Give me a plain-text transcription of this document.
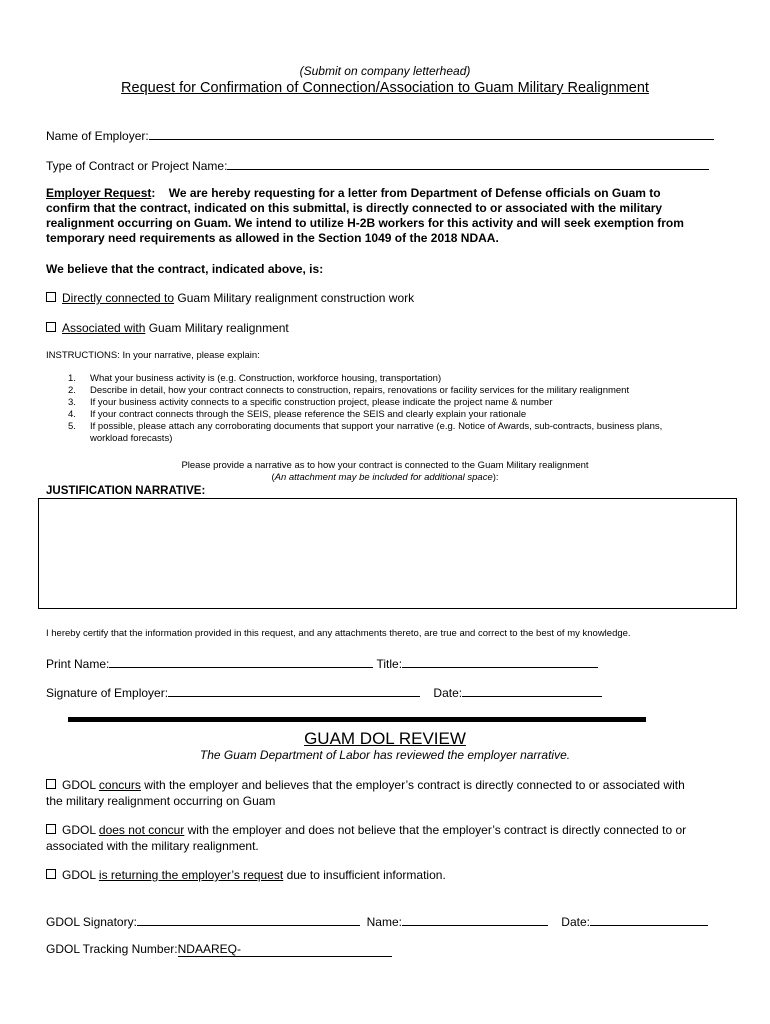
(Submit on company letterhead)
Request for Confirmation of Connection/Association to Guam Military Realignment
Name of Employer:
Type of Contract or Project Name:
Employer Request: We are hereby requesting for a letter from Department of Defense officials on Guam to
confirm that the contract, indicated on this submittal, is directly connected to or associated with the military
realignment occurring on Guam. We intend to utilize H-2B workers for this activity and will seek exemption from
temporary need requirements as allowed in the Section 1049 of the 2018 NDAA.
We believe that the contract, indicated above, is:
Directly connected to Guam Military realignment construction work
Associated with Guam Military realignment
INSTRUCTIONS: In your narrative, please explain:
1. What your business activity is (e.g. Construction, workforce housing, transportation)
2. Describe in detail, how your contract connects to construction, repairs, renovations or facility services for the military realignment
3. If your business activity connects to a specific construction project, please indicate the project name & number
4. If your contract connects through the SEIS, please reference the SEIS and clearly explain your rationale
5. If possible, please attach any corroborating documents that support your narrative (e.g. Notice of Awards, sub-contracts, business plans,
workload forecasts)
Please provide a narrative as to how your contract is connected to the Guam Military realignment
(An attachment may be included for additional space):
JUSTIFICATION NARRATIVE:
I hereby certify that the information provided in this request, and any attachments thereto, are true and correct to the best of my knowledge.
Print Name:	Title:
Signature of Employer:	Date:
GUAM DOL REVIEW
The Guam Department of Labor has reviewed the employer narrative.
GDOL concurs with the employer and believes that the employer’s contract is directly connected to or associated with
the military realignment occurring on Guam
GDOL does not concur with the employer and does not believe that the employer’s contract is directly connected to or
associated with the military realignment.
GDOL is returning the employer’s request due to insufficient information.
GDOL Signatory:	Name:	Date:
GDOL Tracking Number:NDAAREQ-
